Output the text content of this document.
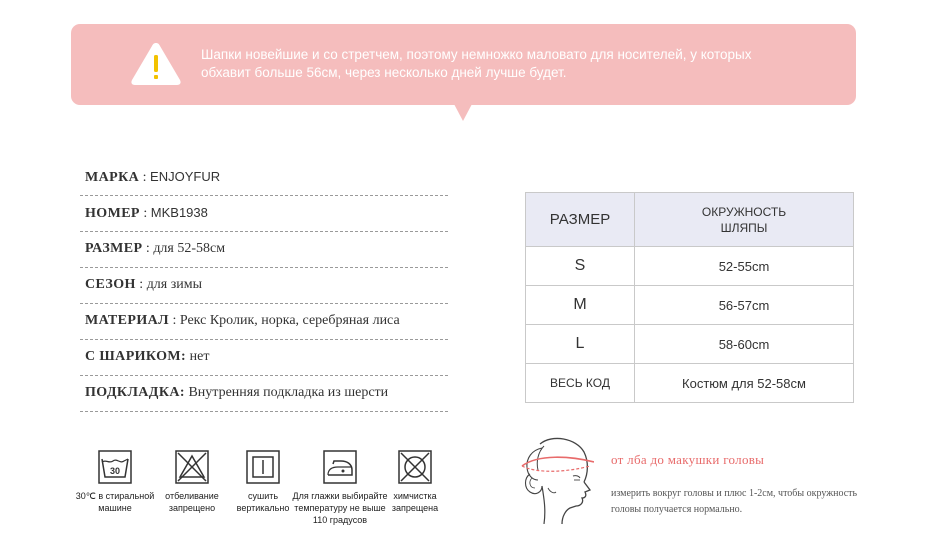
Шапки новейшие и со стретчем, поэтому немножко маловато для носителей, у которых
обхавит больше 56см, через несколько дней лучше будет.
МАРКА : ENJOYFUR
НОМЕР : MKB1938
РАЗМЕР : для 52-58см
СЕЗОН : для зимы
МАТЕРИАЛ : Рекс Кролик, норка, серебряная лиса
С ШАРИКОМ: нет
ПОДКЛАДКА: Внутренняя подкладка из шерсти
РАЗМЕР	ОКРУЖНОСТЬ
ШЛЯПЫ
S	52-55cm
M	56-57cm
L	58-60cm
ВЕСЬ КОД	Костюм для 52-58см
30
30℃ в стиральной машине
отбеливание запрещено
сушить вертикально
Для глажки выбирайте температуру не выше 110 градусов
химчистка запрещена
от лба до макушки головы
измерить вокруг головы и плюс 1-2см, чтобы окружность головы получается нормально.
